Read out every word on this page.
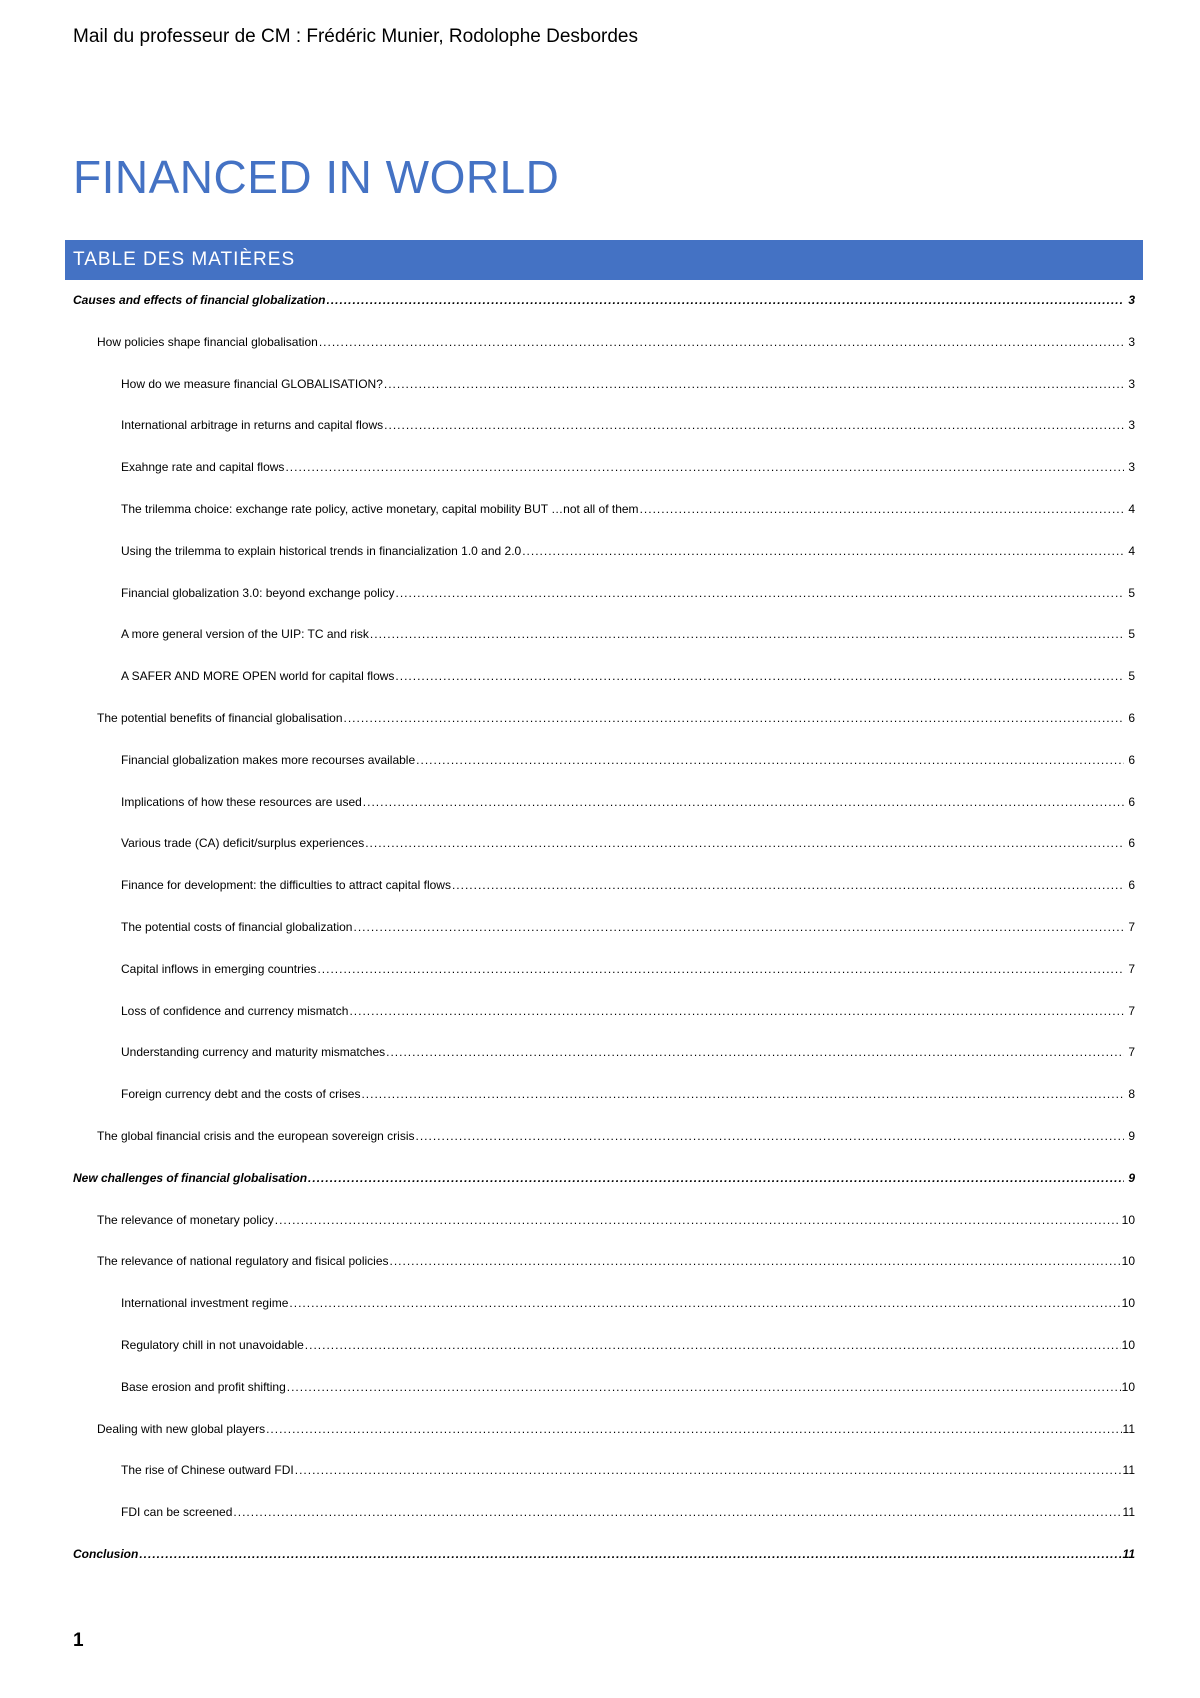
Mail du professeur de CM : Frédéric Munier, Rodolophe Desbordes
FINANCED IN WORLD
TABLE DES MATIÈRES
Causes and effects of financial globalization .....	3
How policies shape financial globalisation .....	3
How do we measure financial GLOBALISATION? .....	3
International arbitrage in returns and capital flows .....	3
Exahnge rate and capital flows .....	3
The trilemma choice: exchange rate policy, active monetary, capital mobility BUT …not all of them .....	4
Using the trilemma to explain historical trends in financialization 1.0 and 2.0 .....	4
Financial globalization 3.0: beyond exchange policy .....	5
A more general version of the UIP: TC and risk .....	5
A SAFER AND MORE OPEN world for capital flows .....	5
The potential benefits of financial globalisation .....	6
Financial globalization makes more recourses available .....	6
Implications of how these resources are used .....	6
Various trade (CA) deficit/surplus experiences .....	6
Finance for development: the difficulties to attract capital flows .....	6
The potential costs of financial globalization .....	7
Capital inflows in emerging countries .....	7
Loss of confidence and currency mismatch .....	7
Understanding currency and maturity mismatches .....	7
Foreign currency debt and the costs of crises .....	8
The global financial crisis and the european sovereign crisis .....	9
New challenges of financial globalisation .....	9
The relevance of monetary policy .....	10
The relevance of national regulatory and fisical policies .....	10
International investment regime .....	10
Regulatory chill in not unavoidable .....	10
Base erosion and profit shifting .....	10
Dealing with new global players .....	11
The rise of Chinese outward FDI .....	11
FDI can be screened .....	11
Conclusion .....	11
1
